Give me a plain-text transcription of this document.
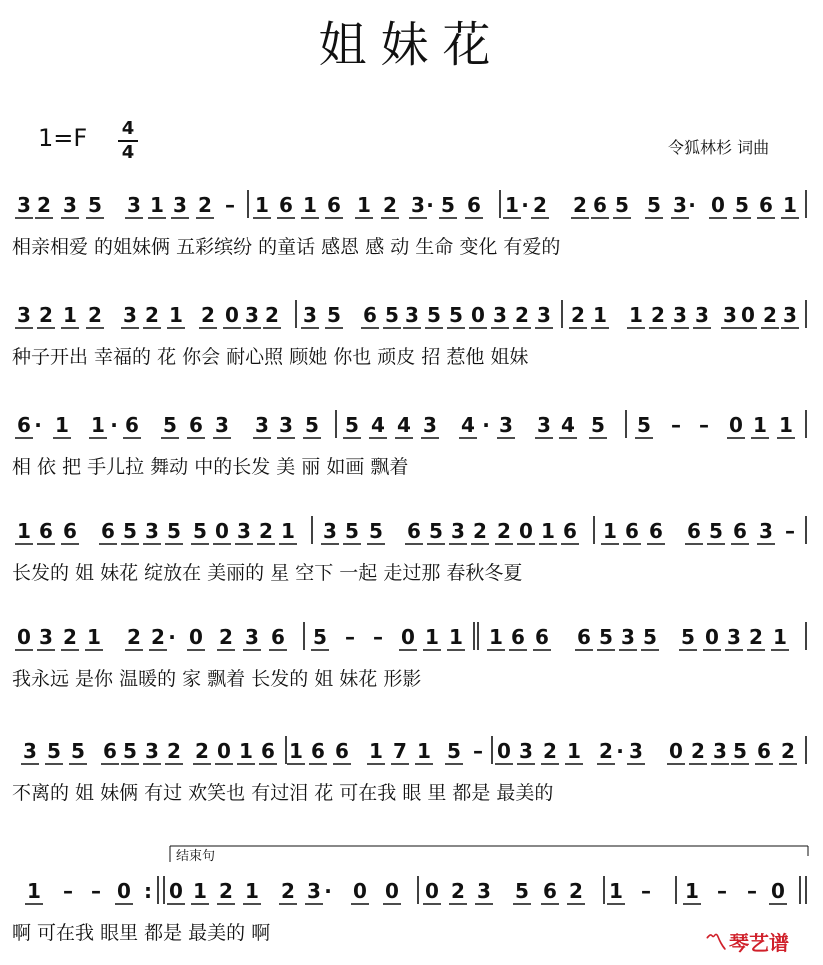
姐妹花
1=F 4
4	令狐林杉 词曲
3 2 3 5 3 1 3 2 – 1 6 1 6 1 2 3 · 5 6 1 · 2 2 6 5 5 3 · 0 5 6 1
3 2 1 2 3 2 1 2 0 3 2 3 5 6 5 3 5 5 0 3 2 3 2 1 1 2 3 3 3 0 2 3
6 · 1 1 · 6 5 6 3 3 3 5 5 4 4 3 4 · 3 3 4 5 5 – – 0 1 1
1 6 6 6 5 3 5 5 0 3 2 1 3 5 5 6 5 3 2 2 0 1 6 1 6 6 6 5 6 3 –
0 3 2 1 2 2 · 0 2 3 6 5 – – 0 1 1 1 6 6 6 5 3 5 5 0 3 2 1
3 5 5 6 5 3 2 2 0 1 6 1 6 6 1 7 1 5 – 0 3 2 1 2 · 3 0 2 3 5 6 2
1 – – 0 : 0 1 2 1 2 3 · 0 0 0 2 3 5 6 2 1 – 1 – – 0
结束句
相亲相爱 的姐妹俩 五彩缤纷 的童话 感恩 感 动 生命 变化 有爱的
种子开出 幸福的 花 你会 耐心照 顾她 你也 顽皮 招 惹他 姐妹
相 依 把 手儿拉 舞动 中的长发 美 丽 如画 飘着
长发的 姐 妹花 绽放在 美丽的 星 空下 一起 走过那 春秋冬夏
我永远 是你 温暖的 家 飘着 长发的 姐 妹花 形影
不离的 姐 妹俩 有过 欢笑也 有过泪 花 可在我 眼 里 都是 最美的
啊 可在我 眼里 都是 最美的 啊	〽 琴艺谱
